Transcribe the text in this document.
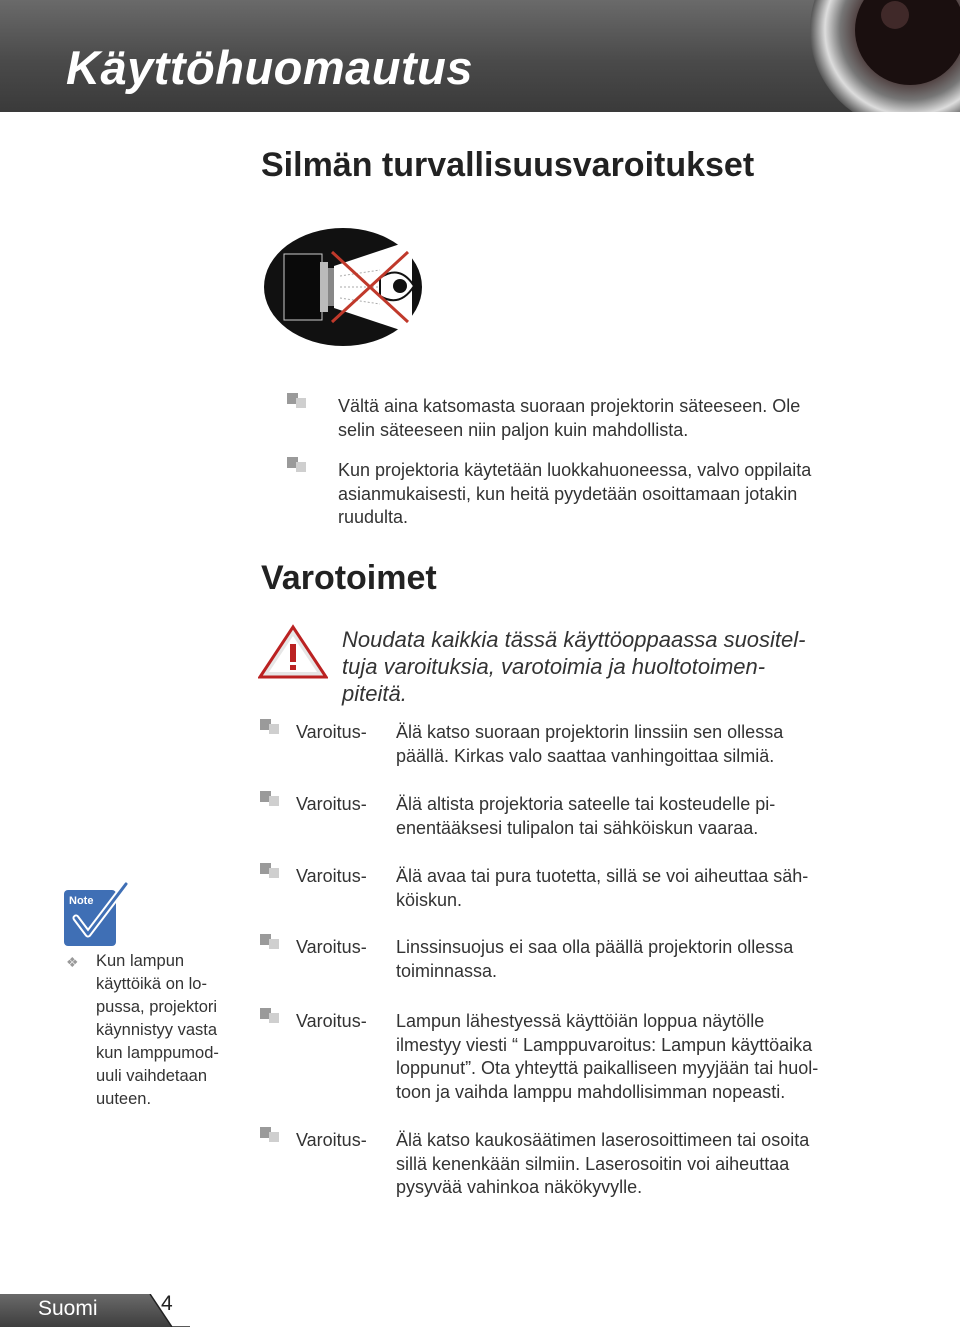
Käyttöhuomautus
Silmän turvallisuusvaroitukset
Vältä aina katsomasta suoraan projektorin säteeseen. Ole
selin säteeseen niin paljon kuin mahdollista.
Kun projektoria käytetään luokkahuoneessa, valvo oppilaita
asianmukaisesti, kun heitä pyydetään osoittamaan jotakin
ruudulta.
Varotoimet
Noudata kaikkia tässä käyttöoppaassa suositel-
tuja varoituksia, varotoimia ja huoltotoimen-
piteitä.
Varoitus- Älä katso suoraan projektorin linssiin sen ollessa
päällä. Kirkas valo saattaa vanhingoittaa silmiä.
Varoitus- Älä altista projektoria sateelle tai kosteudelle pi-
enentääksesi tulipalon tai sähköiskun vaaraa.
Varoitus- Älä avaa tai pura tuotetta, sillä se voi aiheuttaa säh-
köiskun.
Varoitus- Linssinsuojus ei saa olla päällä projektorin ollessa
toiminnassa.
Varoitus- Lampun lähestyessä käyttöiän loppua näytölle
ilmestyy viesti “ Lamppuvaroitus: Lampun käyttöaika
loppunut”. Ota yhteyttä paikalliseen myyjään tai huol-
toon ja vaihda lamppu mahdollisimman nopeasti.
Varoitus- Älä katso kaukosäätimen laserosoittimeen tai osoita
sillä kenenkään silmiin. Laserosoitin voi aiheuttaa
pysyvää vahinkoa näkökyvylle.
Note
❖ Kun lampun
käyttöikä on lo-
pussa, projektori
käynnistyy vasta
kun lamppumod-
uuli vaihdetaan
uuteen.
Suomi	4
